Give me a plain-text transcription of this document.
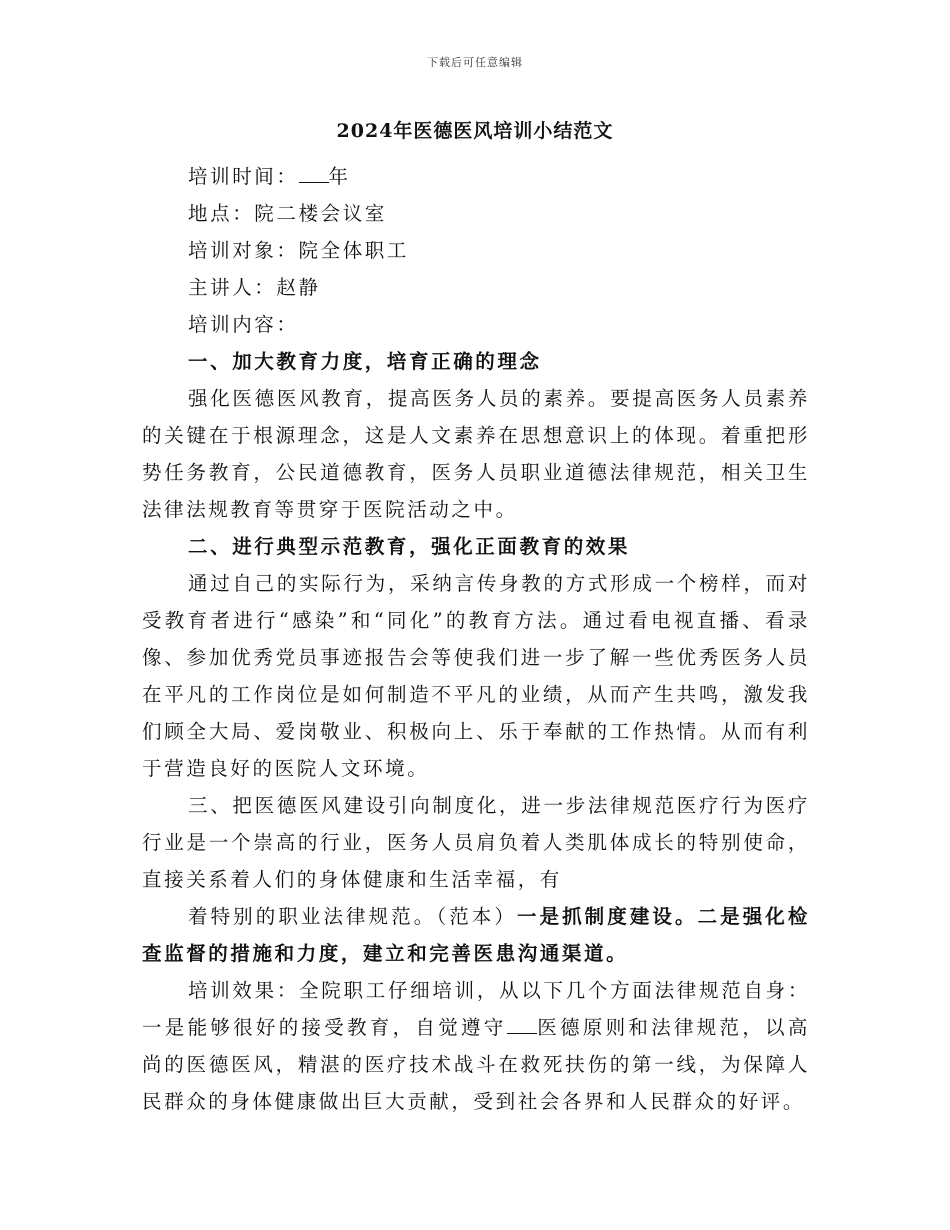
下载后可任意编辑
2024年医德医风培训小结范文

培训时间： 年

地点：院二楼会议室

培训对象：院全体职工

主讲人：赵静

培训内容：

一、加大教育力度，培育正确的理念

强化医德医风教育，提高医务人员的素养。要提高医务人员素养的关键在于根源理念，这是人文素养在思想意识上的体现。着重把形势任务教育，公民道德教育，医务人员职业道德法律规范，相关卫生法律法规教育等贯穿于医院活动之中。

二、进行典型示范教育，强化正面教育的效果

通过自己的实际行为，采纳言传身教的方式形成一个榜样，而对受教育者进行“感染”和“同化”的教育方法。通过看电视直播、看录像、参加优秀党员事迹报告会等使我们进一步了解一些优秀医务人员在平凡的工作岗位是如何制造不平凡的业绩，从而产生共鸣，激发我们顾全大局、爱岗敬业、积极向上、乐于奉献的工作热情。从而有利于营造良好的医院人文环境。

三、把医德医风建设引向制度化，进一步法律规范医疗行为医疗行业是一个崇高的行业，医务人员肩负着人类肌体成长的特别使命，直接关系着人们的身体健康和生活幸福，有

着特别的职业法律规范。（范本）一是抓制度建设。二是强化检查监督的措施和力度，建立和完善医患沟通渠道。

培训效果：全院职工仔细培训，从以下几个方面法律规范自身：一是能够很好的接受教育，自觉遵守 医德原则和法律规范，以高尚的医德医风，精湛的医疗技术战斗在救死扶伤的第一线，为保障人民群众的身体健康做出巨大贡献，受到社会各界和人民群众的好评。
